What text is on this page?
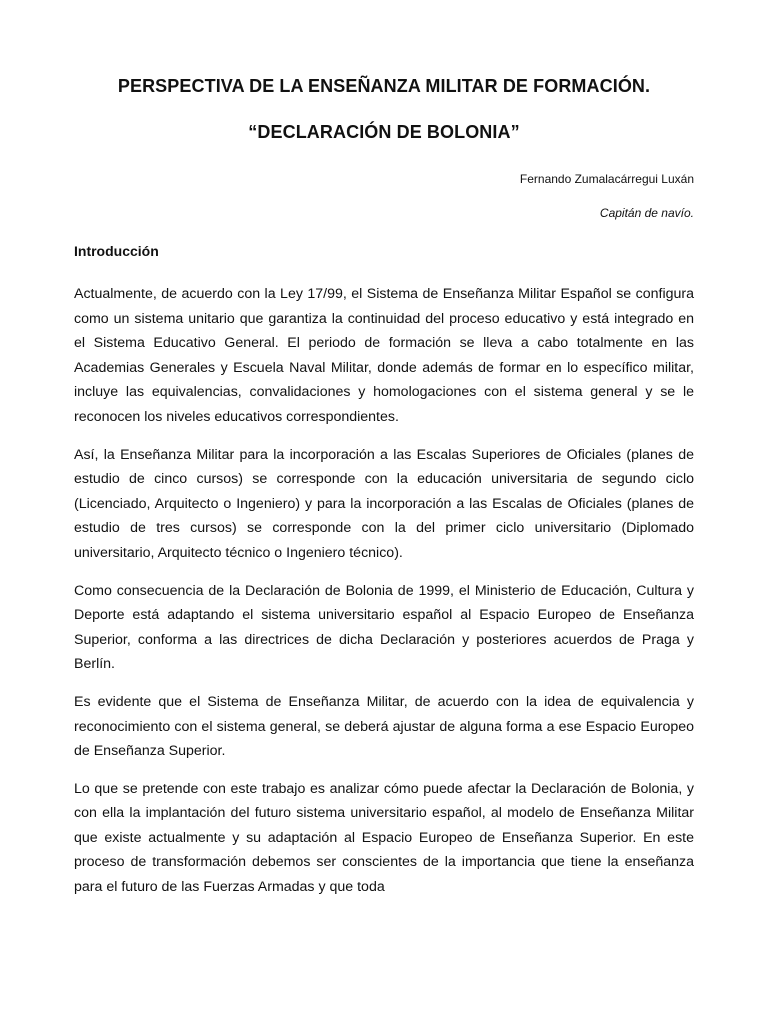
PERSPECTIVA DE LA ENSEÑANZA MILITAR DE FORMACIÓN.
“DECLARACIÓN DE BOLONIA”

Fernando Zumalacárregui Luxán

Capitán de navío.

Introducción

Actualmente, de acuerdo con la Ley 17/99, el Sistema de Enseñanza Militar Español se configura como un sistema unitario que garantiza la continuidad del proceso educativo y está integrado en el Sistema Educativo General. El periodo de formación se lleva a cabo totalmente en las Academias Generales y Escuela Naval Militar, donde además de formar en lo específico militar, incluye las equivalencias, convalidaciones y homologaciones con el sistema general y se le reconocen los niveles educativos correspondientes.

Así, la Enseñanza Militar para la incorporación a las Escalas Superiores de Oficiales (planes de estudio de cinco cursos) se corresponde con la educación universitaria de segundo ciclo (Licenciado, Arquitecto o Ingeniero) y para la incorporación a las Escalas de Oficiales (planes de estudio de tres cursos) se corresponde con la del primer ciclo universitario (Diplomado universitario, Arquitecto técnico o Ingeniero técnico).

Como consecuencia de la Declaración de Bolonia de 1999, el Ministerio de Educación, Cultura y Deporte está adaptando el sistema universitario español al Espacio Europeo de Enseñanza Superior, conforma a las directrices de dicha Declaración y posteriores acuerdos de Praga y Berlín.

Es evidente que el Sistema de Enseñanza Militar, de acuerdo con la idea de equivalencia y reconocimiento con el sistema general, se deberá ajustar de alguna forma a ese Espacio Europeo de Enseñanza Superior.

Lo que se pretende con este trabajo es analizar cómo puede afectar la Declaración de Bolonia, y con ella la implantación del futuro sistema universitario español, al modelo de Enseñanza Militar que existe actualmente y su adaptación al Espacio Europeo de Enseñanza Superior. En este proceso de transformación debemos ser conscientes de la importancia que tiene la enseñanza para el futuro de las Fuerzas Armadas y que toda
